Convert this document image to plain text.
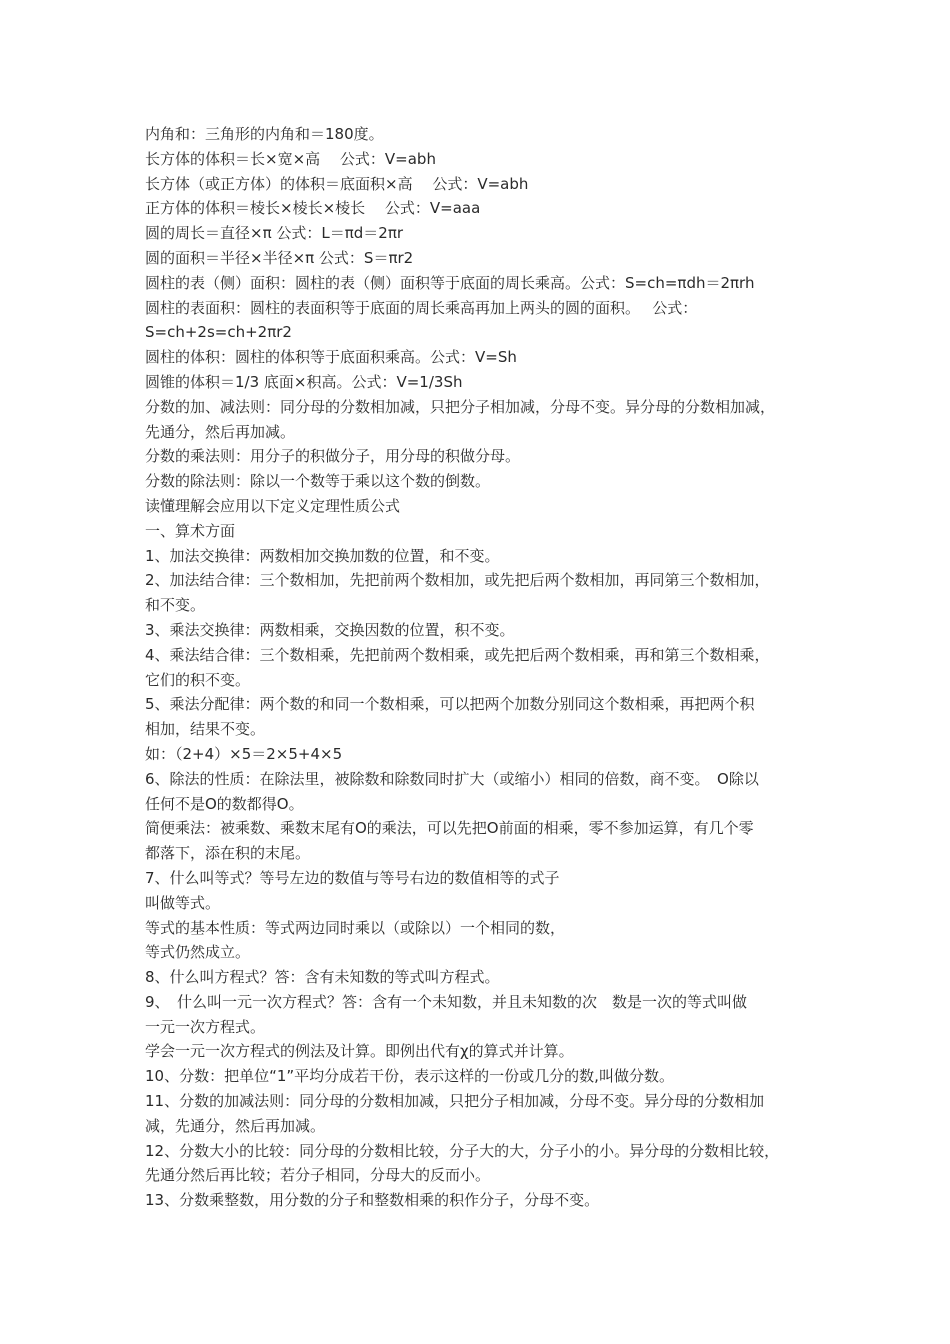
内角和：三角形的内角和＝180度。
长方体的体积＝长×宽×高　 公式：V=abh
长方体（或正方体）的体积＝底面积×高　 公式：V=abh
正方体的体积＝棱长×棱长×棱长　 公式：V=aaa
圆的周长＝直径×π 公式：L＝πd＝2πr
圆的面积＝半径×半径×π 公式：S＝πr2
圆柱的表（侧）面积：圆柱的表（侧）面积等于底面的周长乘高。公式：S=ch=πdh＝2πrh
圆柱的表面积：圆柱的表面积等于底面的周长乘高再加上两头的圆的面积。　 公式：
S=ch+2s=ch+2πr2
圆柱的体积：圆柱的体积等于底面积乘高。公式：V=Sh
圆锥的体积＝1/3 底面×积高。公式：V=1/3Sh
分数的加、减法则：同分母的分数相加减，只把分子相加减，分母不变。异分母的分数相加减，
先通分，然后再加减。
分数的乘法则：用分子的积做分子，用分母的积做分母。
分数的除法则：除以一个数等于乘以这个数的倒数。
读懂理解会应用以下定义定理性质公式
一、算术方面
1、加法交换律：两数相加交换加数的位置，和不变。
2、加法结合律：三个数相加，先把前两个数相加，或先把后两个数相加，再同第三个数相加，
和不变。
3、乘法交换律：两数相乘，交换因数的位置，积不变。
4、乘法结合律：三个数相乘，先把前两个数相乘，或先把后两个数相乘，再和第三个数相乘，
它们的积不变。
5、乘法分配律：两个数的和同一个数相乘，可以把两个加数分别同这个数相乘，再把两个积
相加，结果不变。
如：（2+4）×5＝2×5+4×5
6、除法的性质：在除法里，被除数和除数同时扩大（或缩小）相同的倍数，商不变。　O除以
任何不是O的数都得O。
简便乘法：被乘数、乘数末尾有O的乘法，可以先把O前面的相乘，零不参加运算，有几个零
都落下，添在积的末尾。
7、什么叫等式？等号左边的数值与等号右边的数值相等的式子
叫做等式。
等式的基本性质：等式两边同时乘以（或除以）一个相同的数，
等式仍然成立。
8、什么叫方程式？答：含有未知数的等式叫方程式。
9、　什么叫一元一次方程式？答：含有一个未知数，并且未知数的次　数是一次的等式叫做
一元一次方程式。
学会一元一次方程式的例法及计算。即例出代有χ的算式并计算。
10、分数：把单位“1”平均分成若干份，表示这样的一份或几分的数,叫做分数。
11、分数的加减法则：同分母的分数相加减，只把分子相加减，分母不变。异分母的分数相加
减，先通分，然后再加减。
12、分数大小的比较：同分母的分数相比较，分子大的大，分子小的小。异分母的分数相比较，
先通分然后再比较；若分子相同，分母大的反而小。
13、分数乘整数，用分数的分子和整数相乘的积作分子，分母不变。
